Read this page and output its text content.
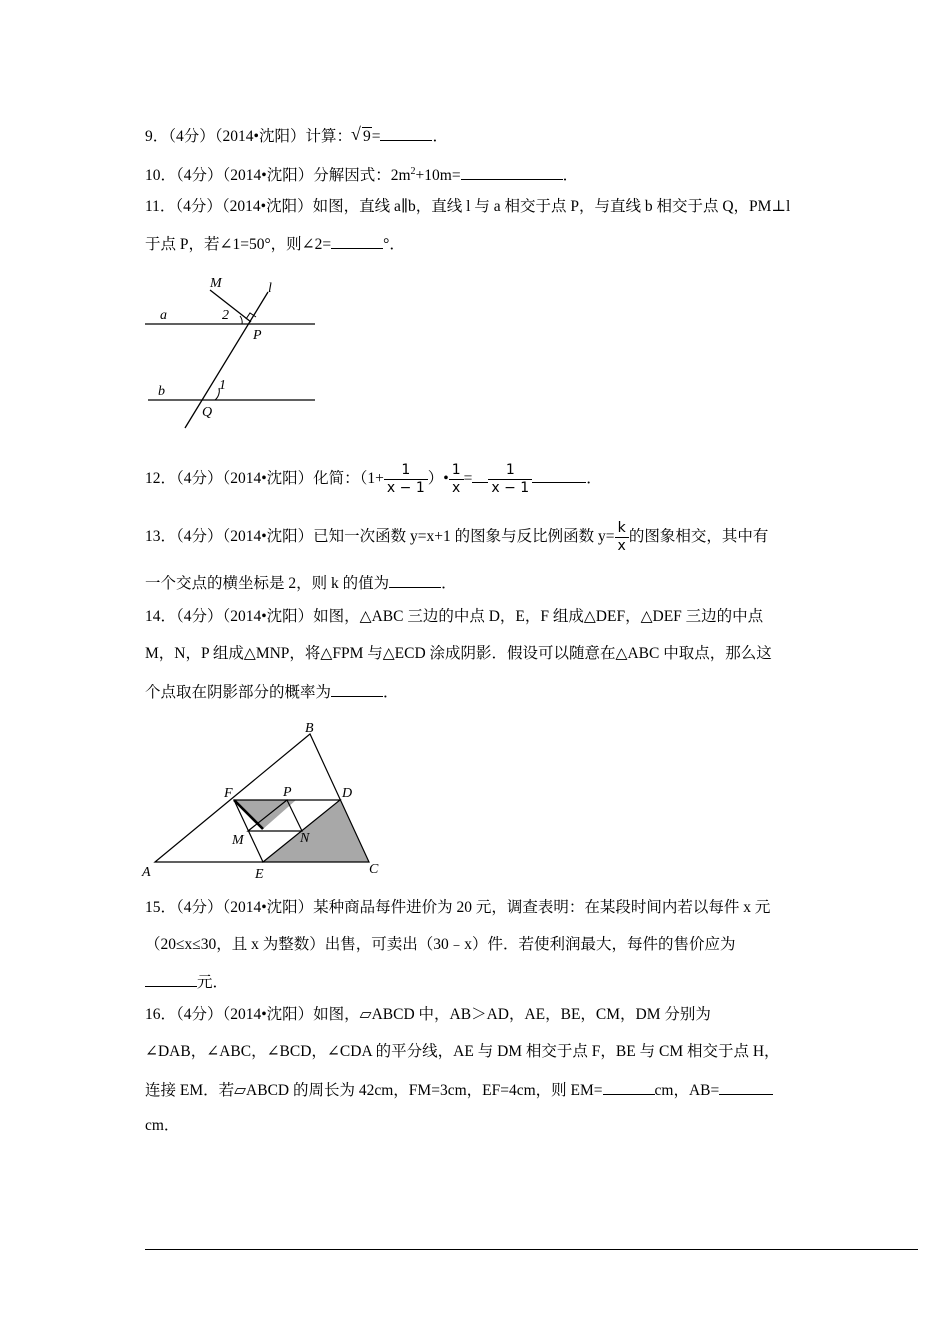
9．（4分）（2014•沈阳）计算： √ 9=	．
10．（4分）（2014•沈阳）分解因式：$2m^2+10m=$	．
11．（4分）（2014•沈阳）如图，直线 a∥b，直线 l 与 a 相交于点 P，与直线 b 相交于点 Q，PM⊥l
于点 P，若∠1=50°，则∠2=	°．
M	l
a	2
P
b	1
Q
12．（4分）（2014•沈阳）化简：（$1+ \frac{1}{x - 1}$ ）• $\frac{1}{x} = \frac{1}{x - 1}$	．
13．（4分）（2014•沈阳）已知一次函数 y=x+1 的图象与反比例函数 $y= \frac{k}{x}$ 的图象相交，其中有
一个交点的横坐标是 2，则 k 的值为	．
14．（4分）（2014•沈阳）如图，△ABC 三边的中点 D，E，F 组成△DEF，△DEF 三边的中点
M，N，P 组成△MNP，将△FPM 与△ECD 涂成阴影．假设可以随意在△ABC 中取点，那么这
个点取在阴影部分的概率为	．
A
B
C
D
E
F
M	N
P
15．（4分）（2014•沈阳）某种商品每件进价为 20 元，调查表明：在某段时间内若以每件 x 元
（20≤x≤30，且 x 为整数）出售，可卖出（30﹣x）件．若使利润最大，每件的售价应为
元．
16．（4分）（2014•沈阳）如图，▱ABCD 中，AB＞AD，AE，BE，CM，DM 分别为
∠DAB，∠ABC，∠BCD，∠CDA 的平分线，AE 与 DM 相交于点 F，BE 与 CM 相交于点 H，
连接 EM．若▱ABCD 的周长为 42cm，FM=3cm，EF=4cm，则 EM=	cm，AB=
cm．
